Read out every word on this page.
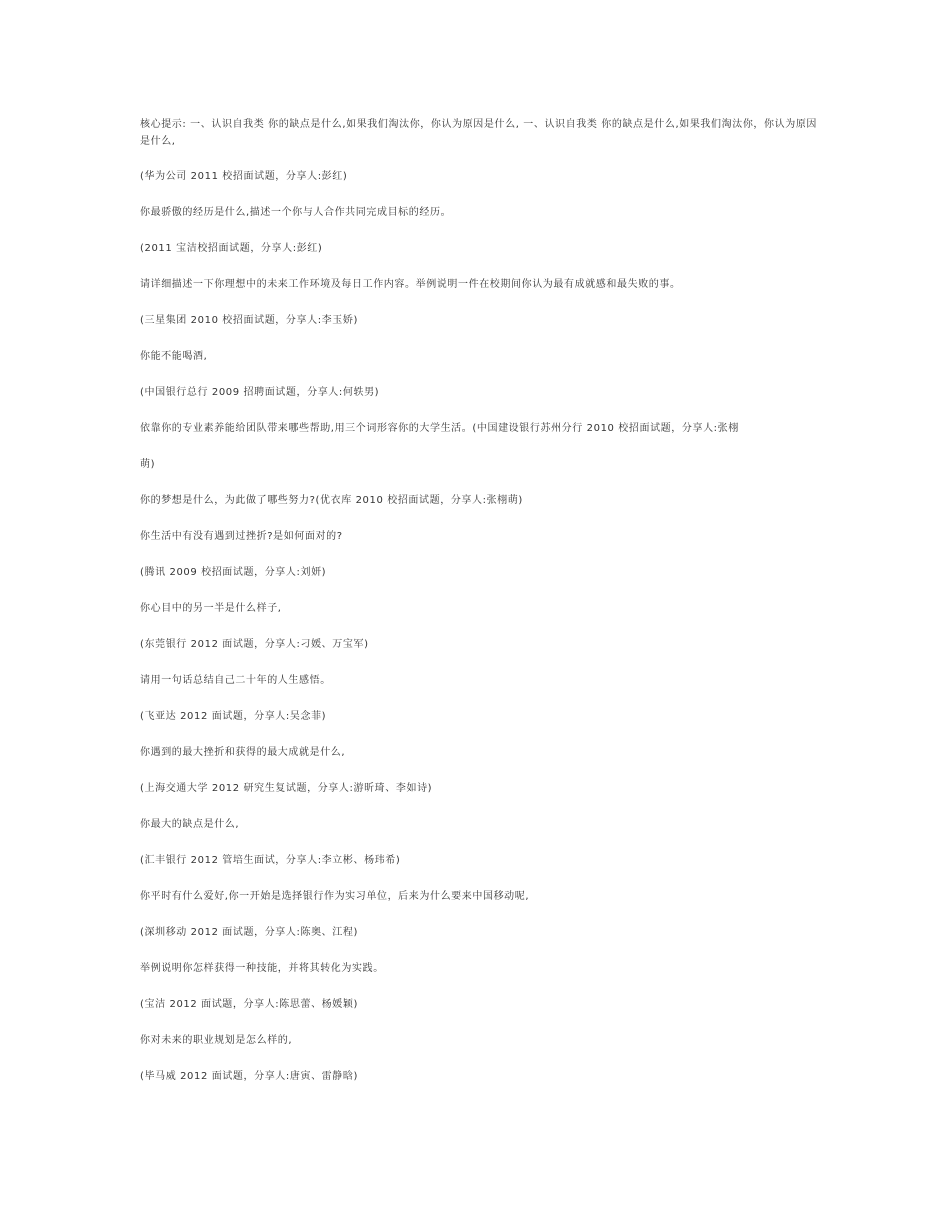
核心提示: 一、认识自我类 你的缺点是什么,如果我们淘汰你，你认为原因是什么, 一、认识自我类 你的缺点是什么,如果我们淘汰你，你认为原因是什么,

(华为公司 2011 校招面试题，分享人:彭红)

你最骄傲的经历是什么,描述一个你与人合作共同完成目标的经历。

(2011 宝洁校招面试题，分享人:彭红)

请详细描述一下你理想中的未来工作环境及每日工作内容。举例说明一件在校期间你认为最有成就感和最失败的事。

(三星集团 2010 校招面试题，分享人:李玉娇)

你能不能喝酒,

(中国银行总行 2009 招聘面试题，分享人:何轶男)

依靠你的专业素养能给团队带来哪些帮助,用三个词形容你的大学生活。(中国建设银行苏州分行 2010 校招面试题，分享人:张栩

萌)

你的梦想是什么，为此做了哪些努力?(优衣库 2010 校招面试题，分享人:张栩萌)

你生活中有没有遇到过挫折?是如何面对的?

(腾讯 2009 校招面试题，分享人:刘妍)

你心目中的另一半是什么样子,

(东莞银行 2012 面试题，分享人:刁媛、万宝军)

请用一句话总结自己二十年的人生感悟。

(飞亚达 2012 面试题，分享人:吴念菲)

你遇到的最大挫折和获得的最大成就是什么,

(上海交通大学 2012 研究生复试题，分享人:游昕琦、李如诗)

你最大的缺点是什么,

(汇丰银行 2012 管培生面试，分享人:李立彬、杨玮希)

你平时有什么爱好,你一开始是选择银行作为实习单位，后来为什么要来中国移动呢,

(深圳移动 2012 面试题，分享人:陈奥、江程)

举例说明你怎样获得一种技能，并将其转化为实践。

(宝洁 2012 面试题，分享人:陈思蕾、杨媛颖)

你对未来的职业规划是怎么样的,

(毕马威 2012 面试题，分享人:唐寅、雷静晗)
